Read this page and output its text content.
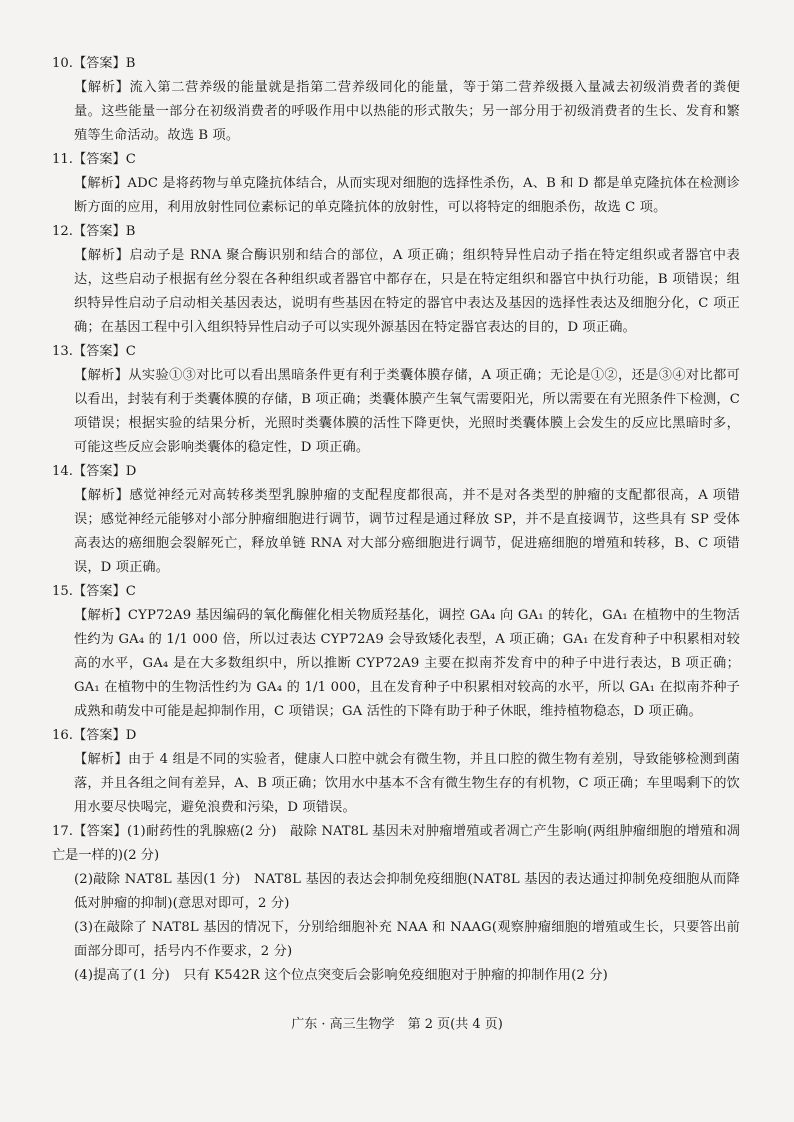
10.【答案】B

【解析】流入第二营养级的能量就是指第二营养级同化的能量，等于第二营养级摄入量减去初级消费者的粪便量。这些能量一部分在初级消费者的呼吸作用中以热能的形式散失；另一部分用于初级消费者的生长、发育和繁殖等生命活动。故选 B 项。

11.【答案】C

【解析】ADC 是将药物与单克隆抗体结合，从而实现对细胞的选择性杀伤，A、B 和 D 都是单克隆抗体在检测诊断方面的应用，利用放射性同位素标记的单克隆抗体的放射性，可以将特定的细胞杀伤，故选 C 项。

12.【答案】B

【解析】启动子是 RNA 聚合酶识别和结合的部位，A 项正确；组织特异性启动子指在特定组织或者器官中表达，这些启动子根据有丝分裂在各种组织或者器官中都存在，只是在特定组织和器官中执行功能，B 项错误；组织特异性启动子启动相关基因表达，说明有些基因在特定的器官中表达及基因的选择性表达及细胞分化，C 项正确；在基因工程中引入组织特异性启动子可以实现外源基因在特定器官表达的目的，D 项正确。

13.【答案】C

【解析】从实验①③对比可以看出黑暗条件更有利于类囊体膜存储，A 项正确；无论是①②，还是③④对比都可以看出，封装有利于类囊体膜的存储，B 项正确；类囊体膜产生氧气需要阳光，所以需要在有光照条件下检测，C 项错误；根据实验的结果分析，光照时类囊体膜的活性下降更快，光照时类囊体膜上会发生的反应比黑暗时多，可能这些反应会影响类囊体的稳定性，D 项正确。

14.【答案】D

【解析】感觉神经元对高转移类型乳腺肿瘤的支配程度都很高，并不是对各类型的肿瘤的支配都很高，A 项错误；感觉神经元能够对小部分肿瘤细胞进行调节，调节过程是通过释放 SP，并不是直接调节，这些具有 SP 受体高表达的癌细胞会裂解死亡，释放单链 RNA 对大部分癌细胞进行调节，促进癌细胞的增殖和转移，B、C 项错误，D 项正确。

15.【答案】C

【解析】CYP72A9 基因编码的氧化酶催化相关物质羟基化，调控 GA₄ 向 GA₁ 的转化，GA₁ 在植物中的生物活性约为 GA₄ 的 1/1 000 倍，所以过表达 CYP72A9 会导致矮化表型，A 项正确；GA₁ 在发育种子中积累相对较高的水平，GA₄ 是在大多数组织中，所以推断 CYP72A9 主要在拟南芥发育中的种子中进行表达，B 项正确；GA₁ 在植物中的生物活性约为 GA₄ 的 1/1 000，且在发育种子中积累相对较高的水平，所以 GA₁ 在拟南芥种子成熟和萌发中可能是起抑制作用，C 项错误；GA 活性的下降有助于种子休眠，维持植物稳态，D 项正确。

16.【答案】D

【解析】由于 4 组是不同的实验者，健康人口腔中就会有微生物，并且口腔的微生物有差别，导致能够检测到菌落，并且各组之间有差异，A、B 项正确；饮用水中基本不含有微生物生存的有机物，C 项正确；车里喝剩下的饮用水要尽快喝完，避免浪费和污染，D 项错误。

17.【答案】(1)耐药性的乳腺癌(2 分)　敲除 NAT8L 基因未对肿瘤增殖或者凋亡产生影响(两组肿瘤细胞的增殖和凋亡是一样的)(2 分)

(2)敲除 NAT8L 基因(1 分)　NAT8L 基因的表达会抑制免疫细胞(NAT8L 基因的表达通过抑制免疫细胞从而降低对肿瘤的抑制)(意思对即可，2 分)

(3)在敲除了 NAT8L 基因的情况下，分别给细胞补充 NAA 和 NAAG(观察肿瘤细胞的增殖或生长，只要答出前面部分即可，括号内不作要求，2 分)

(4)提高了(1 分)　只有 K542R 这个位点突变后会影响免疫细胞对于肿瘤的抑制作用(2 分)

广东 · 高三生物学　第 2 页(共 4 页)
